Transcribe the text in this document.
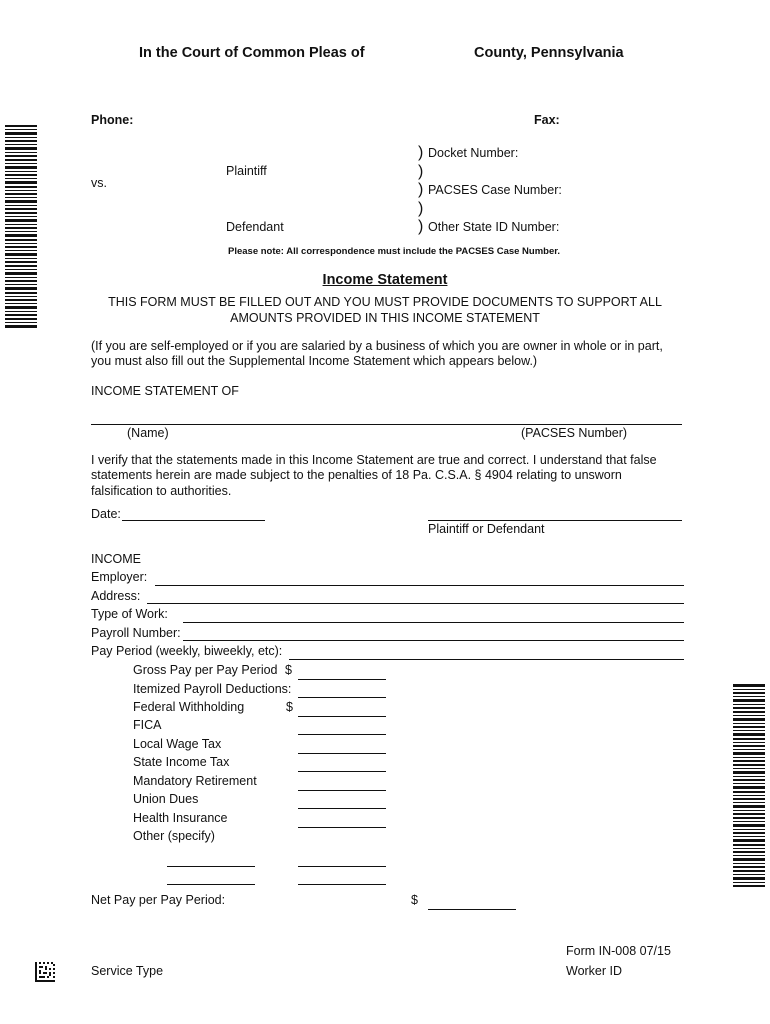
In the Court of Common Pleas of	County, Pennsylvania
Phone:	Fax:
) Docket Number:
Plaintiff	)
vs.	) PACSES Case Number:
)
Defendant	) Other State ID Number:
Please note: All correspondence must include the PACSES Case Number.
Income Statement
THIS FORM MUST BE FILLED OUT AND YOU MUST PROVIDE DOCUMENTS TO SUPPORT ALL
AMOUNTS PROVIDED IN THIS INCOME STATEMENT
(If you are self-employed or if you are salaried by a business of which you are owner in whole or in part,
you must also fill out the Supplemental Income Statement which appears below.)
INCOME STATEMENT OF
(Name)	(PACSES Number)
I verify that the statements made in this Income Statement are true and correct. I understand that false
statements herein are made subject to the penalties of 18 Pa. C.S.A. § 4904 relating to unsworn
falsification to authorities.
Date:
Plaintiff or Defendant
INCOME
Employer:
Address:
Type of Work:
Payroll Number:
Pay Period (weekly, biweekly, etc):
Gross Pay per Pay Period $
Itemized Payroll Deductions:
Federal Withholding	$
FICA
Local Wage Tax
State Income Tax
Mandatory Retirement
Union Dues
Health Insurance
Other (specify)
Net Pay per Pay Period:	$
Form IN-008 07/15
Service Type	Worker ID
